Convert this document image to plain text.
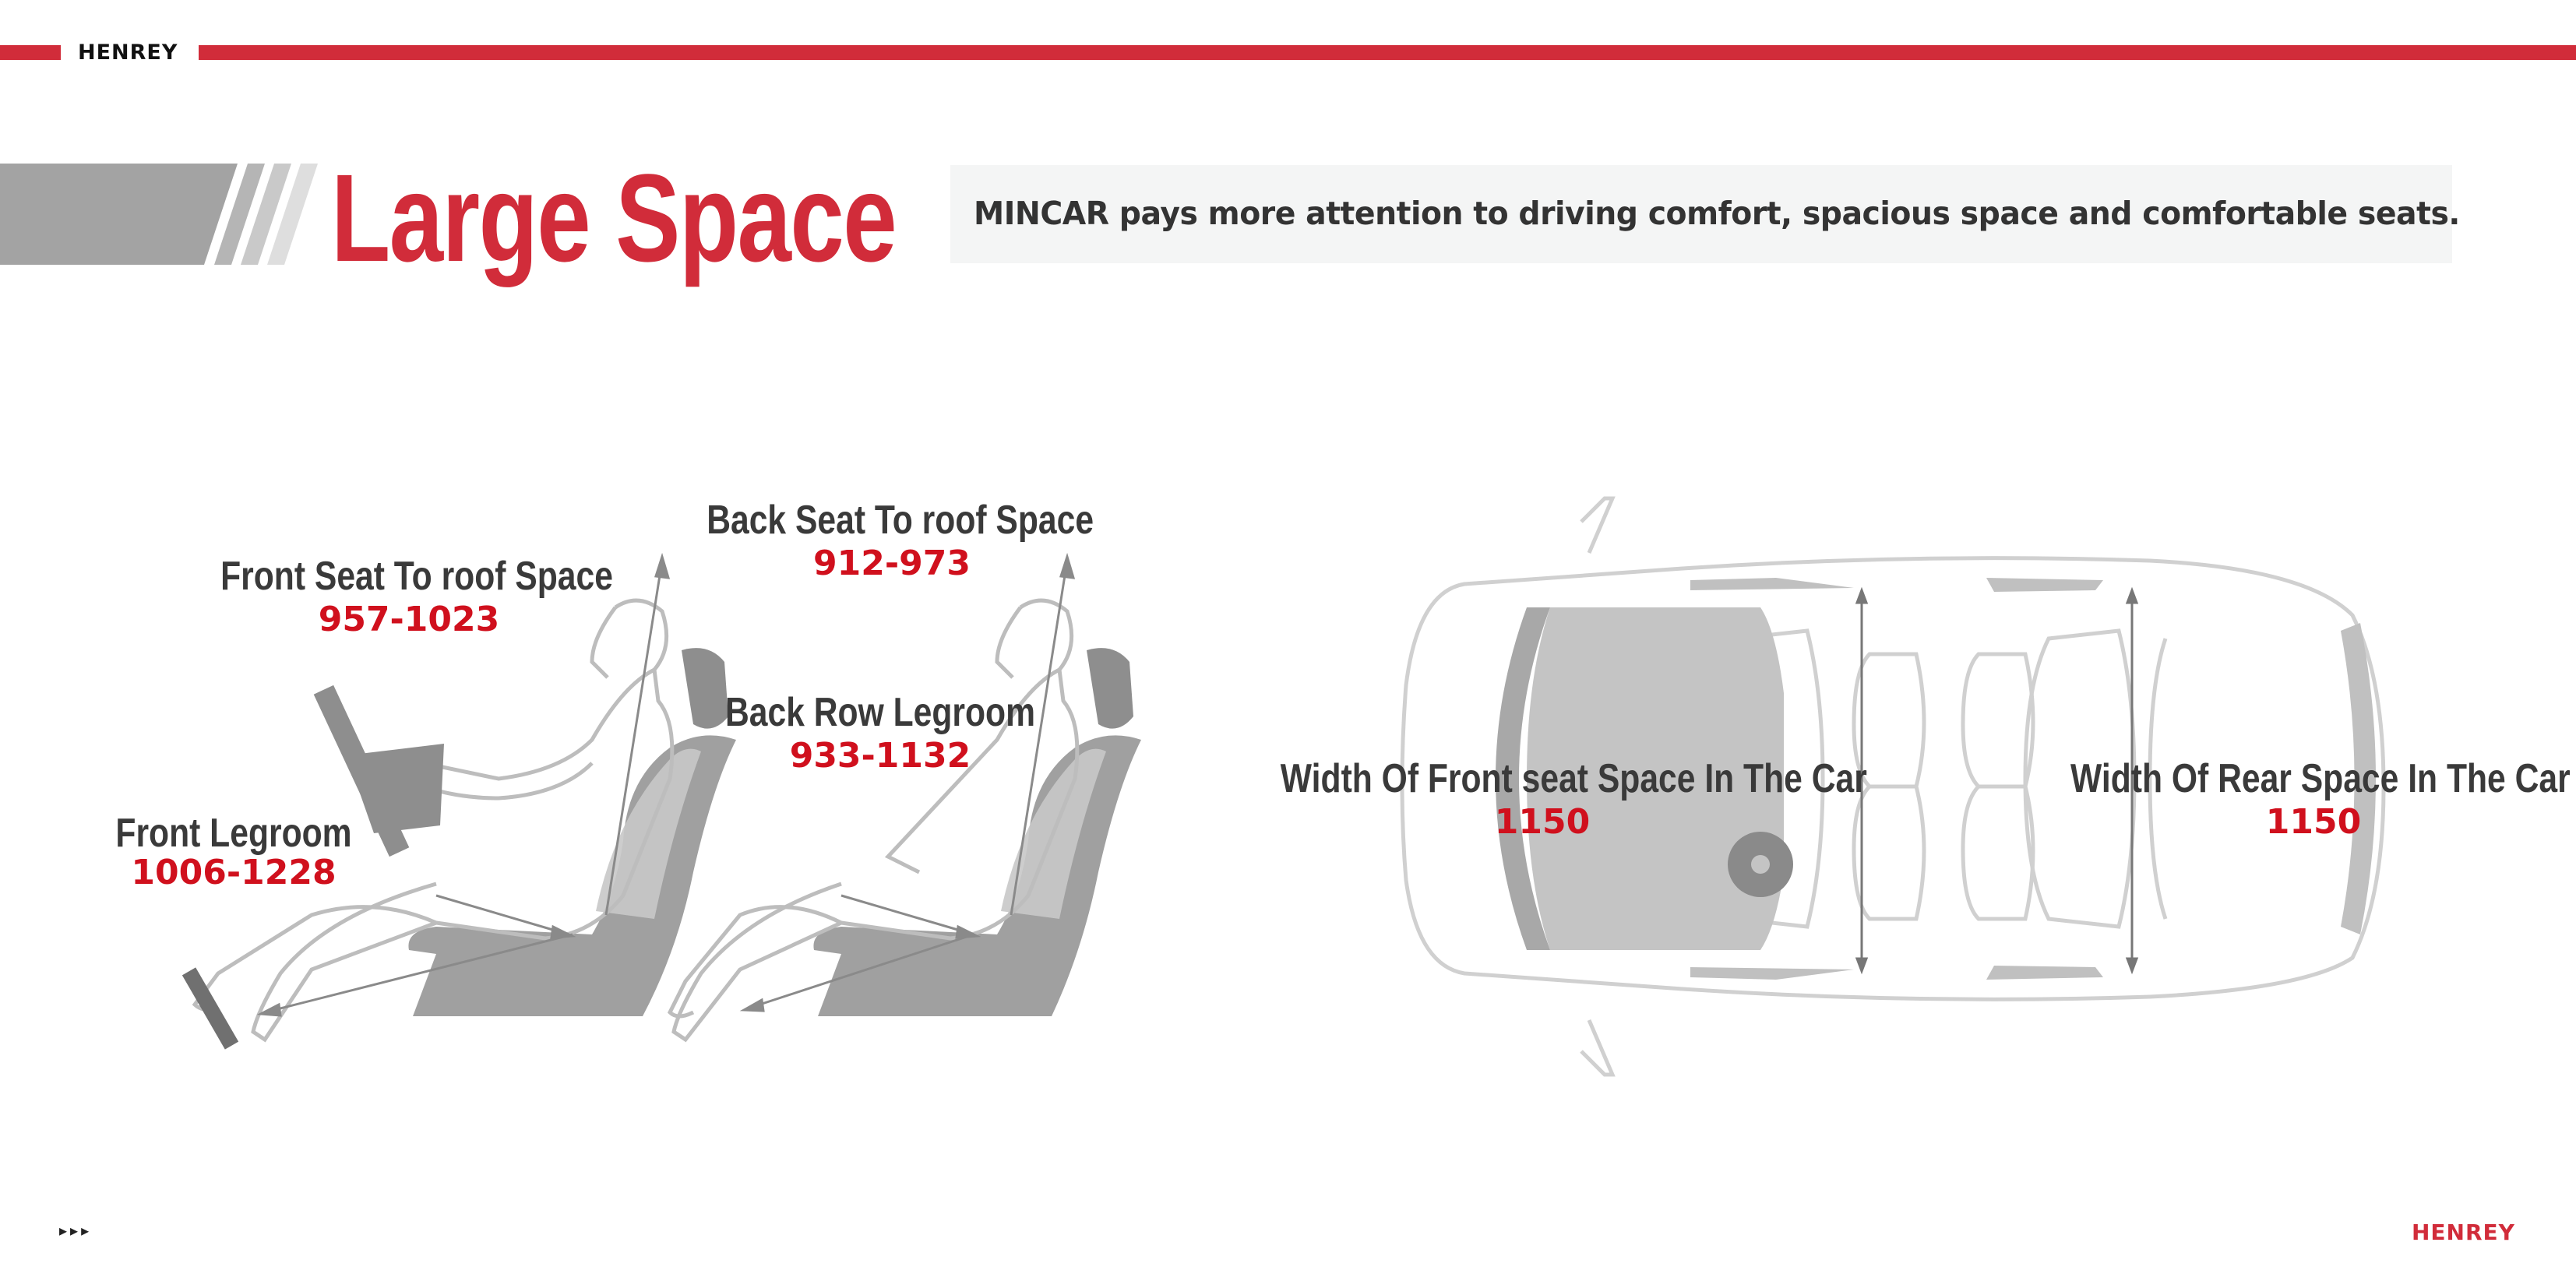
HENREY
Large Space MINCAR pays more attention to driving comfort, spacious space and comfortable seats.
Front Seat To roof Space
957-1023
Back Seat To roof Space
912-973
Back Row Legroom
933-1132
Front Legroom
1006-1228
Width Of Front seat Space In The Car
1150
Width Of Rear Space In The Car
1150
▸▸▸	HENREY
